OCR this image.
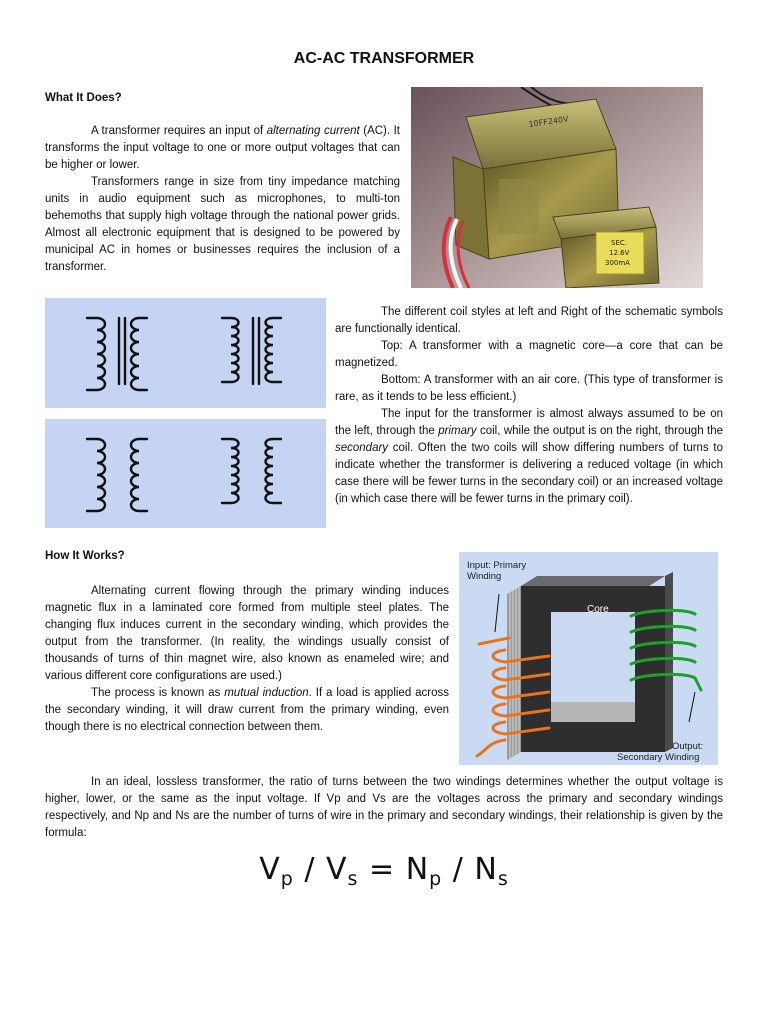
AC-AC TRANSFORMER
What It Does?

A transformer requires an input of alternating current (AC). It transforms the input voltage to one or more output voltages that can be higher or lower.

Transformers range in size from tiny impedance matching units in audio equipment such as microphones, to multi-ton behemoths that supply high voltage through the national power grids. Almost all electronic equipment that is designed to be powered by municipal AC in homes or businesses requires the inclusion of a transformer.

10FF240V
SEC.
12.6V
300mA

The different coil styles at left and Right of the schematic symbols are functionally identical.

Top: A transformer with a magnetic core—a core that can be magnetized.

Bottom: A transformer with an air core. (This type of transformer is rare, as it tends to be less efficient.)

The input for the transformer is almost always assumed to be on the left, through the primary coil, while the output is on the right, through the secondary coil. Often the two coils will show differing numbers of turns to indicate whether the transformer is delivering a reduced voltage (in which case there will be fewer turns in the secondary coil) or an increased voltage (in which case there will be fewer turns in the primary coil).

How It Works?

Alternating current flowing through the primary winding induces magnetic flux in a laminated core formed from multiple steel plates. The changing flux induces current in the secondary winding, which provides the output from the transformer. (In reality, the windings usually consist of thousands of turns of thin magnet wire, also known as enameled wire; and various different core configurations are used.)

The process is known as mutual induction. If a load is applied across the secondary winding, it will draw current from the primary winding, even though there is no electrical connection between them.

Core
Input: Primary
Winding
Output:
Secondary Winding

In an ideal, lossless transformer, the ratio of turns between the two windings determines whether the output voltage is higher, lower, or the same as the input voltage. If Vp and Vs are the voltages across the primary and secondary windings respectively, and Np and Ns are the number of turns of wire in the primary and secondary windings, their relationship is given by the formula:

$V_p / V_s = N_p / N_s$
